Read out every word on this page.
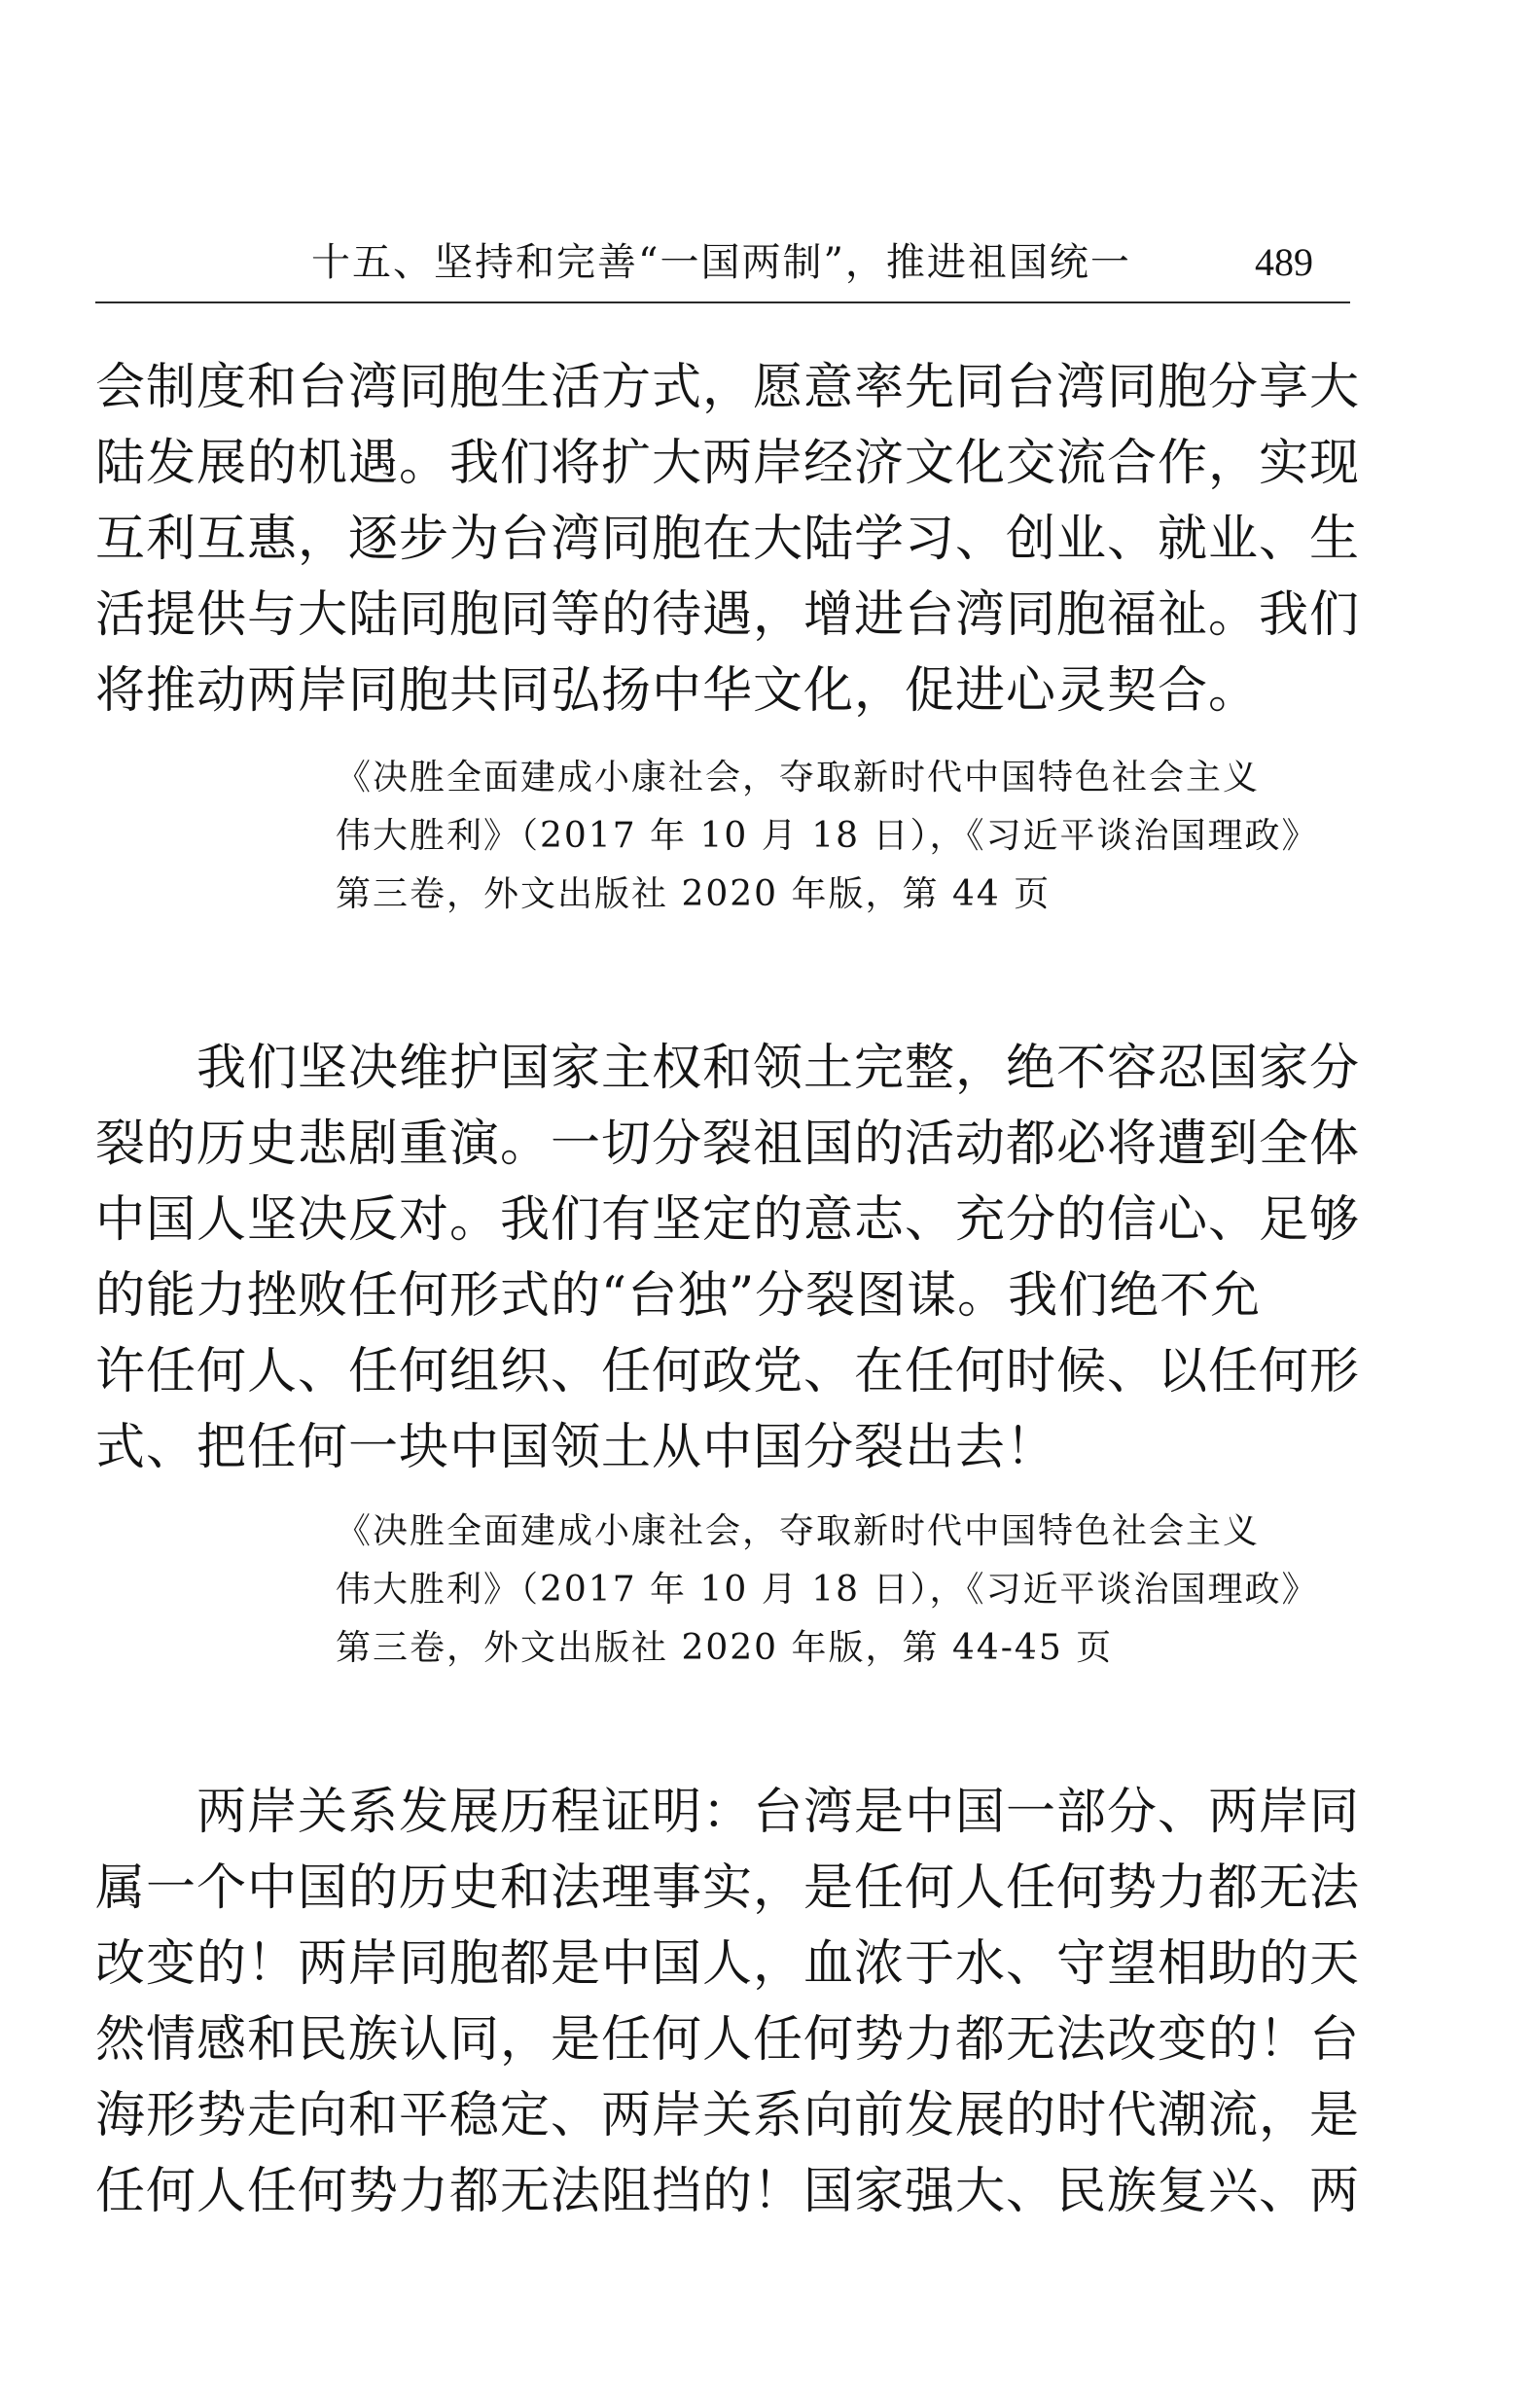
十五、坚持和完善“一国两制”，推进祖国统一	489

会制度和台湾同胞生活方式，愿意率先同台湾同胞分享大
陆发展的机遇。我们将扩大两岸经济文化交流合作，实现
互利互惠，逐步为台湾同胞在大陆学习、创业、就业、生
活提供与大陆同胞同等的待遇，增进台湾同胞福祉。我们
将推动两岸同胞共同弘扬中华文化，促进心灵契合。

《决胜全面建成小康社会，夺取新时代中国特色社会主义
伟大胜利》（2017 年 10 月 18 日），《习近平谈治国理政》
第三卷，外文出版社 2020 年版，第 44 页

　　我们坚决维护国家主权和领土完整，绝不容忍国家分
裂的历史悲剧重演。一切分裂祖国的活动都必将遭到全体
中国人坚决反对。我们有坚定的意志、充分的信心、足够
的能力挫败任何形式的“台独”分裂图谋。我们绝不允
许任何人、任何组织、任何政党、在任何时候、以任何形
式、把任何一块中国领土从中国分裂出去！

《决胜全面建成小康社会，夺取新时代中国特色社会主义
伟大胜利》（2017 年 10 月 18 日），《习近平谈治国理政》
第三卷，外文出版社 2020 年版，第 44-45 页

　　两岸关系发展历程证明：台湾是中国一部分、两岸同
属一个中国的历史和法理事实，是任何人任何势力都无法
改变的！两岸同胞都是中国人，血浓于水、守望相助的天
然情感和民族认同，是任何人任何势力都无法改变的！台
海形势走向和平稳定、两岸关系向前发展的时代潮流，是
任何人任何势力都无法阻挡的！国家强大、民族复兴、两
